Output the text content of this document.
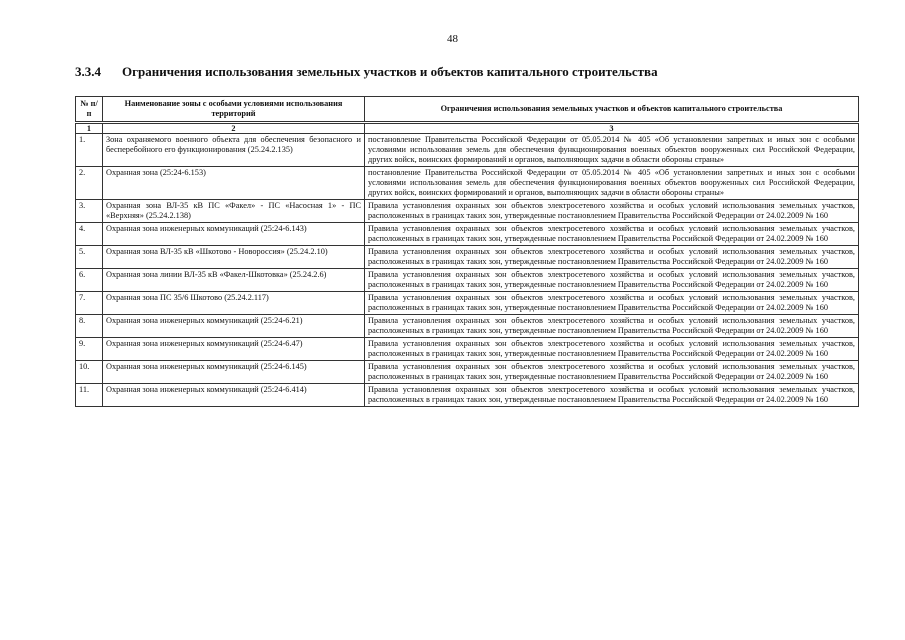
48
3.3.4 Ограничения использования земельных участков и объектов капитального строительства
№ п/п	Наименование зоны с особыми условиями использования территорий	Ограничения использования земельных участков и объектов капитального строительства
1	2	3
1.	Зона охраняемого военного объекта для обеспечения безопасного и бесперебойного его функционирования (25.24.2.135)	постановление Правительства Российской Федерации от 05.05.2014 № 405 «Об установлении запретных и иных зон с особыми условиями использования земель для обеспечения функционирования военных объектов вооруженных сил Российской Федерации, других войск, воинских формирований и органов, выполняющих задачи в области обороны страны»
2.	Охранная зона (25:24-6.153)	постановление Правительства Российской Федерации от 05.05.2014 № 405 «Об установлении запретных и иных зон с особыми условиями использования земель для обеспечения функционирования военных объектов вооруженных сил Российской Федерации, других войск, воинских формирований и органов, выполняющих задачи в области обороны страны»
3.	Охранная зона ВЛ-35 кВ ПС «Факел» - ПС «Насосная 1» - ПС «Верхняя» (25.24.2.138)	Правила установления охранных зон объектов электросетевого хозяйства и особых условий использования земельных участков, расположенных в границах таких зон, утвержденные постановлением Правительства Российской Федерации от 24.02.2009 № 160
4.	Охранная зона инженерных коммуникаций (25:24-6.143)	Правила установления охранных зон объектов электросетевого хозяйства и особых условий использования земельных участков, расположенных в границах таких зон, утвержденные постановлением Правительства Российской Федерации от 24.02.2009 № 160
5.	Охранная зона ВЛ-35 кВ «Шкотово - Новороссия» (25.24.2.10)	Правила установления охранных зон объектов электросетевого хозяйства и особых условий использования земельных участков, расположенных в границах таких зон, утвержденные постановлением Правительства Российской Федерации от 24.02.2009 № 160
6.	Охранная зона линии ВЛ-35 кВ «Факел-Шкотовка» (25.24.2.6)	Правила установления охранных зон объектов электросетевого хозяйства и особых условий использования земельных участков, расположенных в границах таких зон, утвержденные постановлением Правительства Российской Федерации от 24.02.2009 № 160
7.	Охранная зона ПС 35/6 Шкотово (25.24.2.117)	Правила установления охранных зон объектов электросетевого хозяйства и особых условий использования земельных участков, расположенных в границах таких зон, утвержденные постановлением Правительства Российской Федерации от 24.02.2009 № 160
8.	Охранная зона инженерных коммуникаций (25:24-6.21)	Правила установления охранных зон объектов электросетевого хозяйства и особых условий использования земельных участков, расположенных в границах таких зон, утвержденные постановлением Правительства Российской Федерации от 24.02.2009 № 160
9.	Охранная зона инженерных коммуникаций (25:24-6.47)	Правила установления охранных зон объектов электросетевого хозяйства и особых условий использования земельных участков, расположенных в границах таких зон, утвержденные постановлением Правительства Российской Федерации от 24.02.2009 № 160
10.	Охранная зона инженерных коммуникаций (25:24-6.145)	Правила установления охранных зон объектов электросетевого хозяйства и особых условий использования земельных участков, расположенных в границах таких зон, утвержденные постановлением Правительства Российской Федерации от 24.02.2009 № 160
11.	Охранная зона инженерных коммуникаций (25:24-6.414)	Правила установления охранных зон объектов электросетевого хозяйства и особых условий использования земельных участков, расположенных в границах таких зон, утвержденные постановлением Правительства Российской Федерации от 24.02.2009 № 160
